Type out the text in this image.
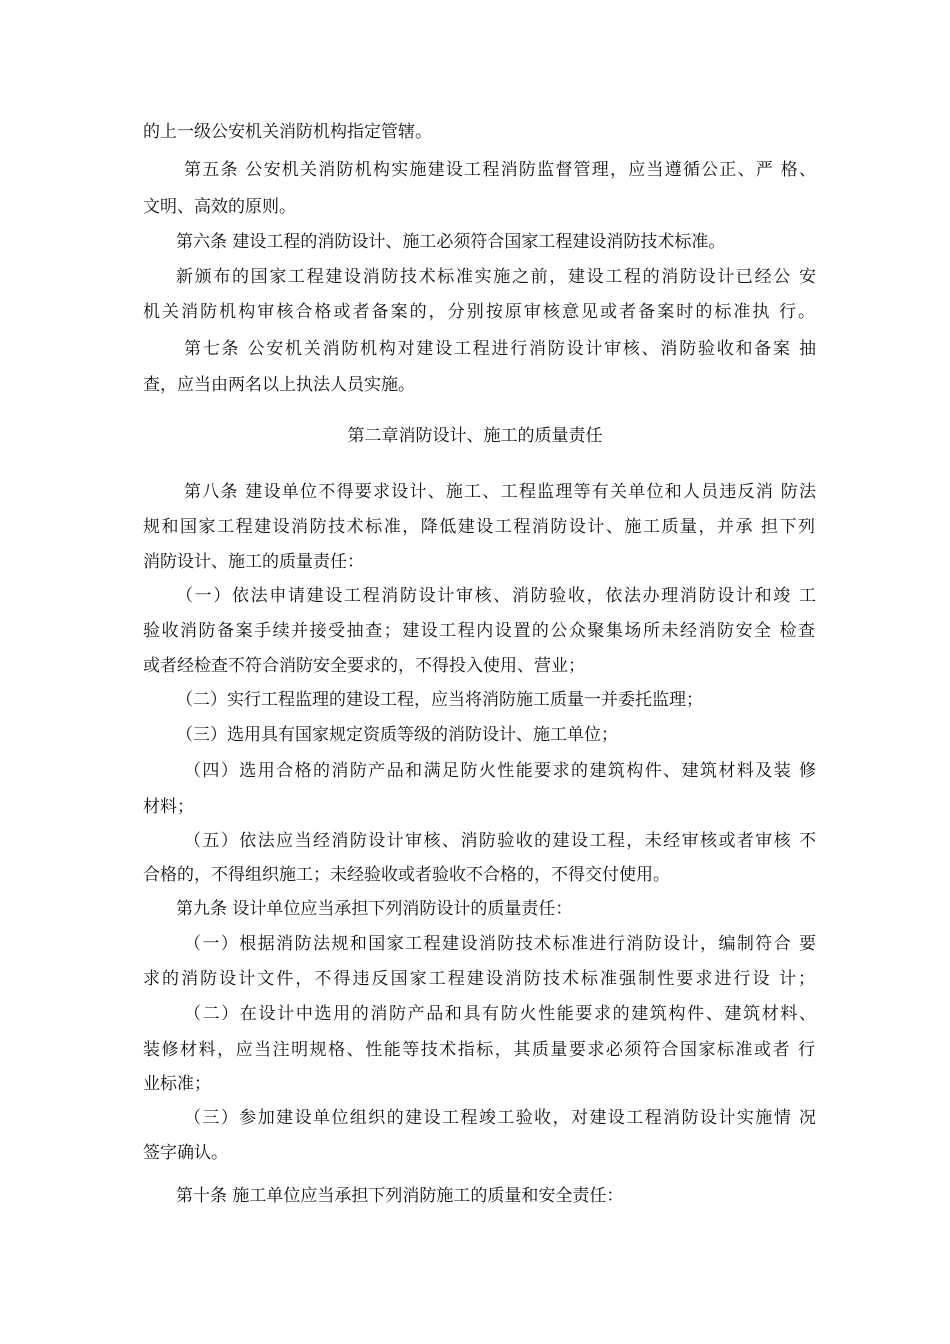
的上一级公安机关消防机构指定管辖。
第五条 公安机关消防机构实施建设工程消防监督管理，应当遵循公正、严 格、
文明、高效的原则。
第六条 建设工程的消防设计、施工必须符合国家工程建设消防技术标准。
新颁布的国家工程建设消防技术标准实施之前，建设工程的消防设计已经公 安
机关消防机构审核合格或者备案的，分别按原审核意见或者备案时的标准执 行。
第七条 公安机关消防机构对建设工程进行消防设计审核、消防验收和备案 抽
查，应当由两名以上执法人员实施。
第二章消防设计、施工的质量责任
第八条 建设单位不得要求设计、施工、工程监理等有关单位和人员违反消 防法
规和国家工程建设消防技术标准，降低建设工程消防设计、施工质量，并承 担下列
消防设计、施工的质量责任：
（一）依法申请建设工程消防设计审核、消防验收，依法办理消防设计和竣 工
验收消防备案手续并接受抽查；建设工程内设置的公众聚集场所未经消防安全 检查
或者经检查不符合消防安全要求的，不得投入使用、营业；
（二）实行工程监理的建设工程，应当将消防施工质量一并委托监理；
（三）选用具有国家规定资质等级的消防设计、施工单位；
（四）选用合格的消防产品和满足防火性能要求的建筑构件、建筑材料及装 修
材料；
（五）依法应当经消防设计审核、消防验收的建设工程，未经审核或者审核 不
合格的，不得组织施工；未经验收或者验收不合格的，不得交付使用。
第九条 设计单位应当承担下列消防设计的质量责任：
（一）根据消防法规和国家工程建设消防技术标准进行消防设计，编制符合 要
求的消防设计文件，不得违反国家工程建设消防技术标准强制性要求进行设 计；
（二）在设计中选用的消防产品和具有防火性能要求的建筑构件、建筑材料、
装修材料，应当注明规格、性能等技术指标，其质量要求必须符合国家标准或者 行
业标准；
（三）参加建设单位组织的建设工程竣工验收，对建设工程消防设计实施情 况
签字确认。
第十条 施工单位应当承担下列消防施工的质量和安全责任：
